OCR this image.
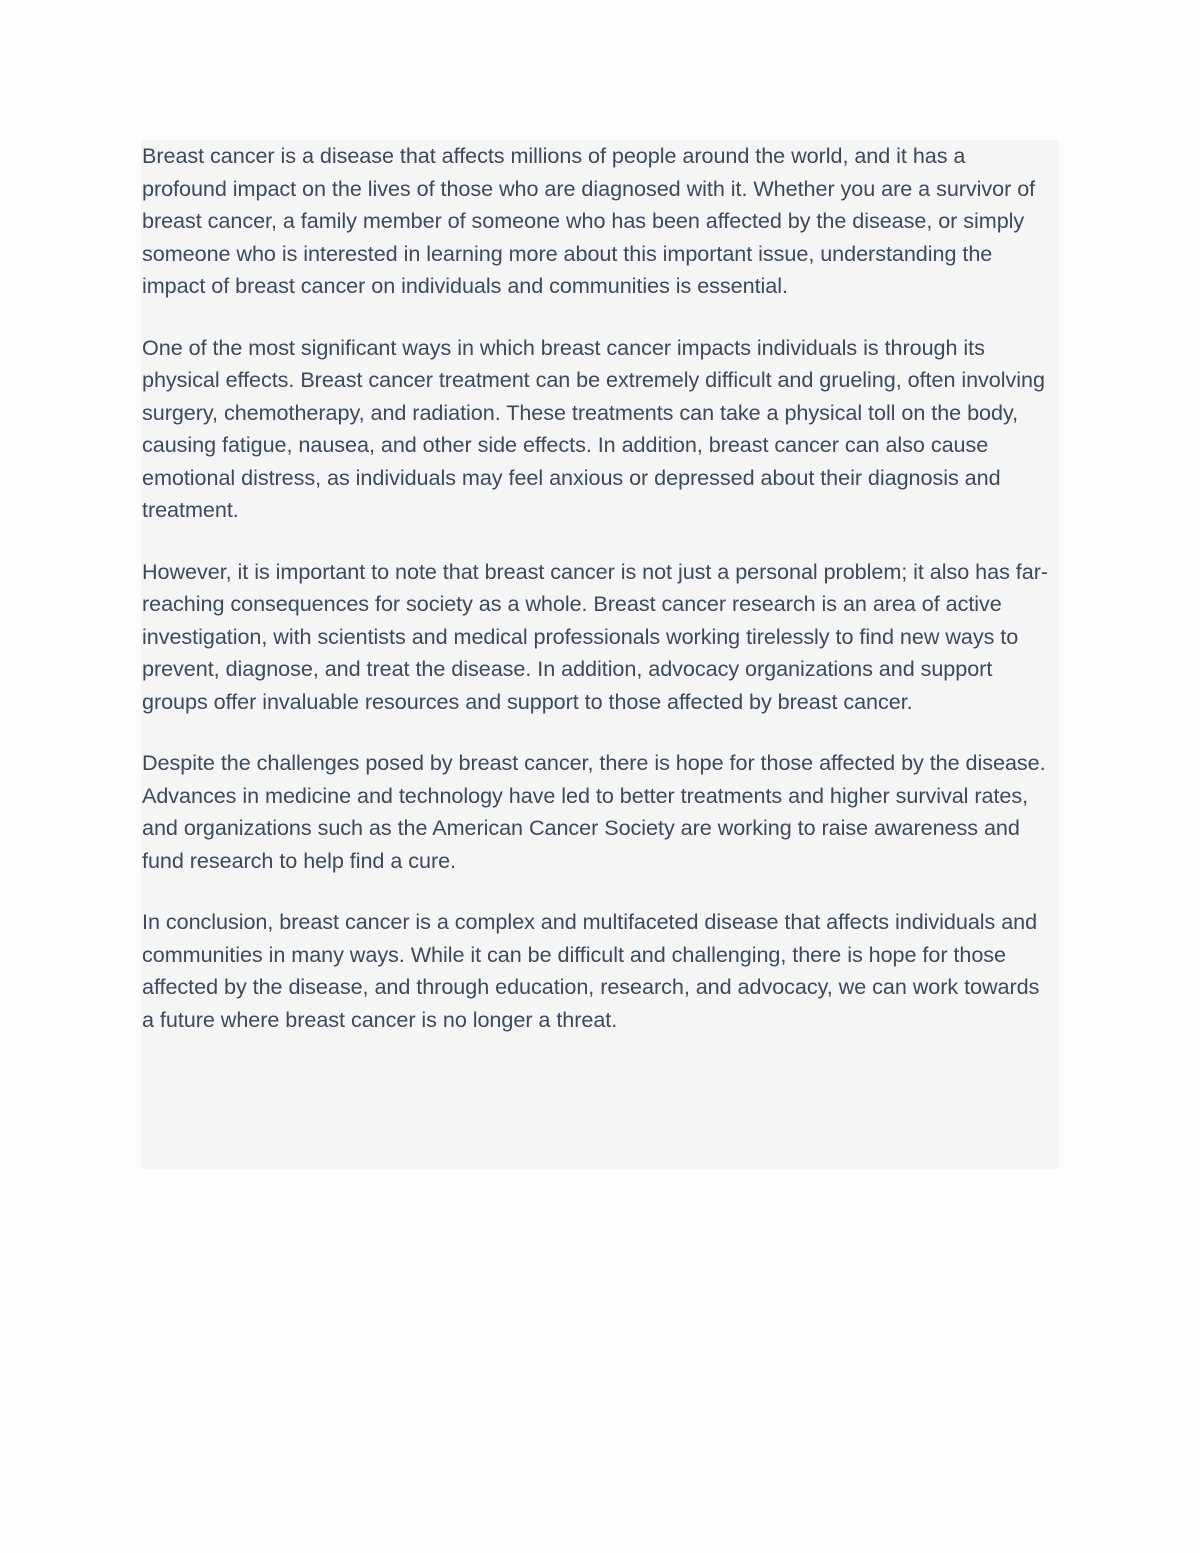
Breast cancer is a disease that affects millions of people around the world, and it has a profound impact on the lives of those who are diagnosed with it. Whether you are a survivor of breast cancer, a family member of someone who has been affected by the disease, or simply someone who is interested in learning more about this important issue, understanding the impact of breast cancer on individuals and communities is essential.

One of the most significant ways in which breast cancer impacts individuals is through its physical effects. Breast cancer treatment can be extremely difficult and grueling, often involving surgery, chemotherapy, and radiation. These treatments can take a physical toll on the body, causing fatigue, nausea, and other side effects. In addition, breast cancer can also cause emotional distress, as individuals may feel anxious or depressed about their diagnosis and treatment.

However, it is important to note that breast cancer is not just a personal problem; it also has far-reaching consequences for society as a whole. Breast cancer research is an area of active investigation, with scientists and medical professionals working tirelessly to find new ways to prevent, diagnose, and treat the disease. In addition, advocacy organizations and support groups offer invaluable resources and support to those affected by breast cancer.

Despite the challenges posed by breast cancer, there is hope for those affected by the disease. Advances in medicine and technology have led to better treatments and higher survival rates, and organizations such as the American Cancer Society are working to raise awareness and fund research to help find a cure.

In conclusion, breast cancer is a complex and multifaceted disease that affects individuals and communities in many ways. While it can be difficult and challenging, there is hope for those affected by the disease, and through education, research, and advocacy, we can work towards a future where breast cancer is no longer a threat.
